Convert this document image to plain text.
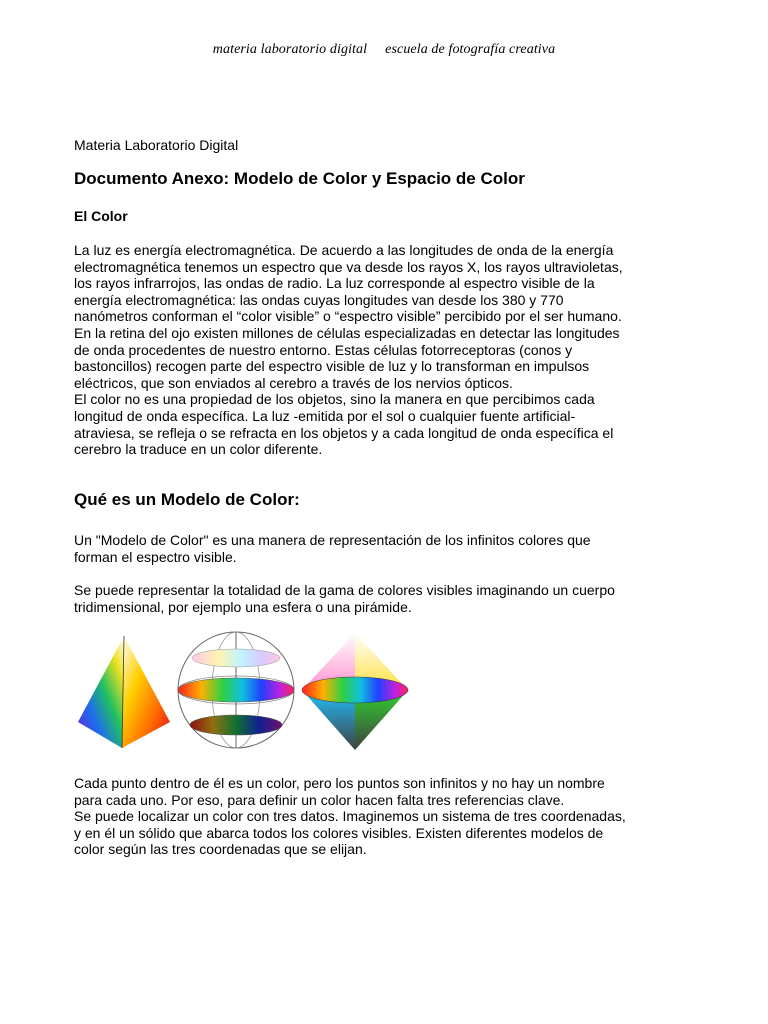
materia laboratorio digital escuela de fotografía creativa
Materia Laboratorio Digital
Documento Anexo: Modelo de Color y Espacio de Color
El Color

La luz es energía electromagnética. De acuerdo a las longitudes de onda de la energía
electromagnética tenemos un espectro que va desde los rayos X, los rayos ultravioletas,
los rayos infrarrojos, las ondas de radio. La luz corresponde al espectro visible de la
energía electromagnética: las ondas cuyas longitudes van desde los 380 y 770
nanómetros conforman el “color visible” o “espectro visible” percibido por el ser humano.
En la retina del ojo existen millones de células especializadas en detectar las longitudes
de onda procedentes de nuestro entorno. Estas células fotorreceptoras (conos y
bastoncillos) recogen parte del espectro visible de luz y lo transforman en impulsos
eléctricos, que son enviados al cerebro a través de los nervios ópticos.
El color no es una propiedad de los objetos, sino la manera en que percibimos cada
longitud de onda específica. La luz -emitida por el sol o cualquier fuente artificial-
atraviesa, se refleja o se refracta en los objetos y a cada longitud de onda específica el
cerebro la traduce en un color diferente.

Qué es un Modelo de Color:

Un "Modelo de Color" es una manera de representación de los infinitos colores que
forman el espectro visible.

Se puede representar la totalidad de la gama de colores visibles imaginando un cuerpo
tridimensional, por ejemplo una esfera o una pirámide.

Cada punto dentro de él es un color, pero los puntos son infinitos y no hay un nombre
para cada uno. Por eso, para definir un color hacen falta tres referencias clave.
Se puede localizar un color con tres datos. Imaginemos un sistema de tres coordenadas,
y en él un sólido que abarca todos los colores visibles. Existen diferentes modelos de
color según las tres coordenadas que se elijan.
